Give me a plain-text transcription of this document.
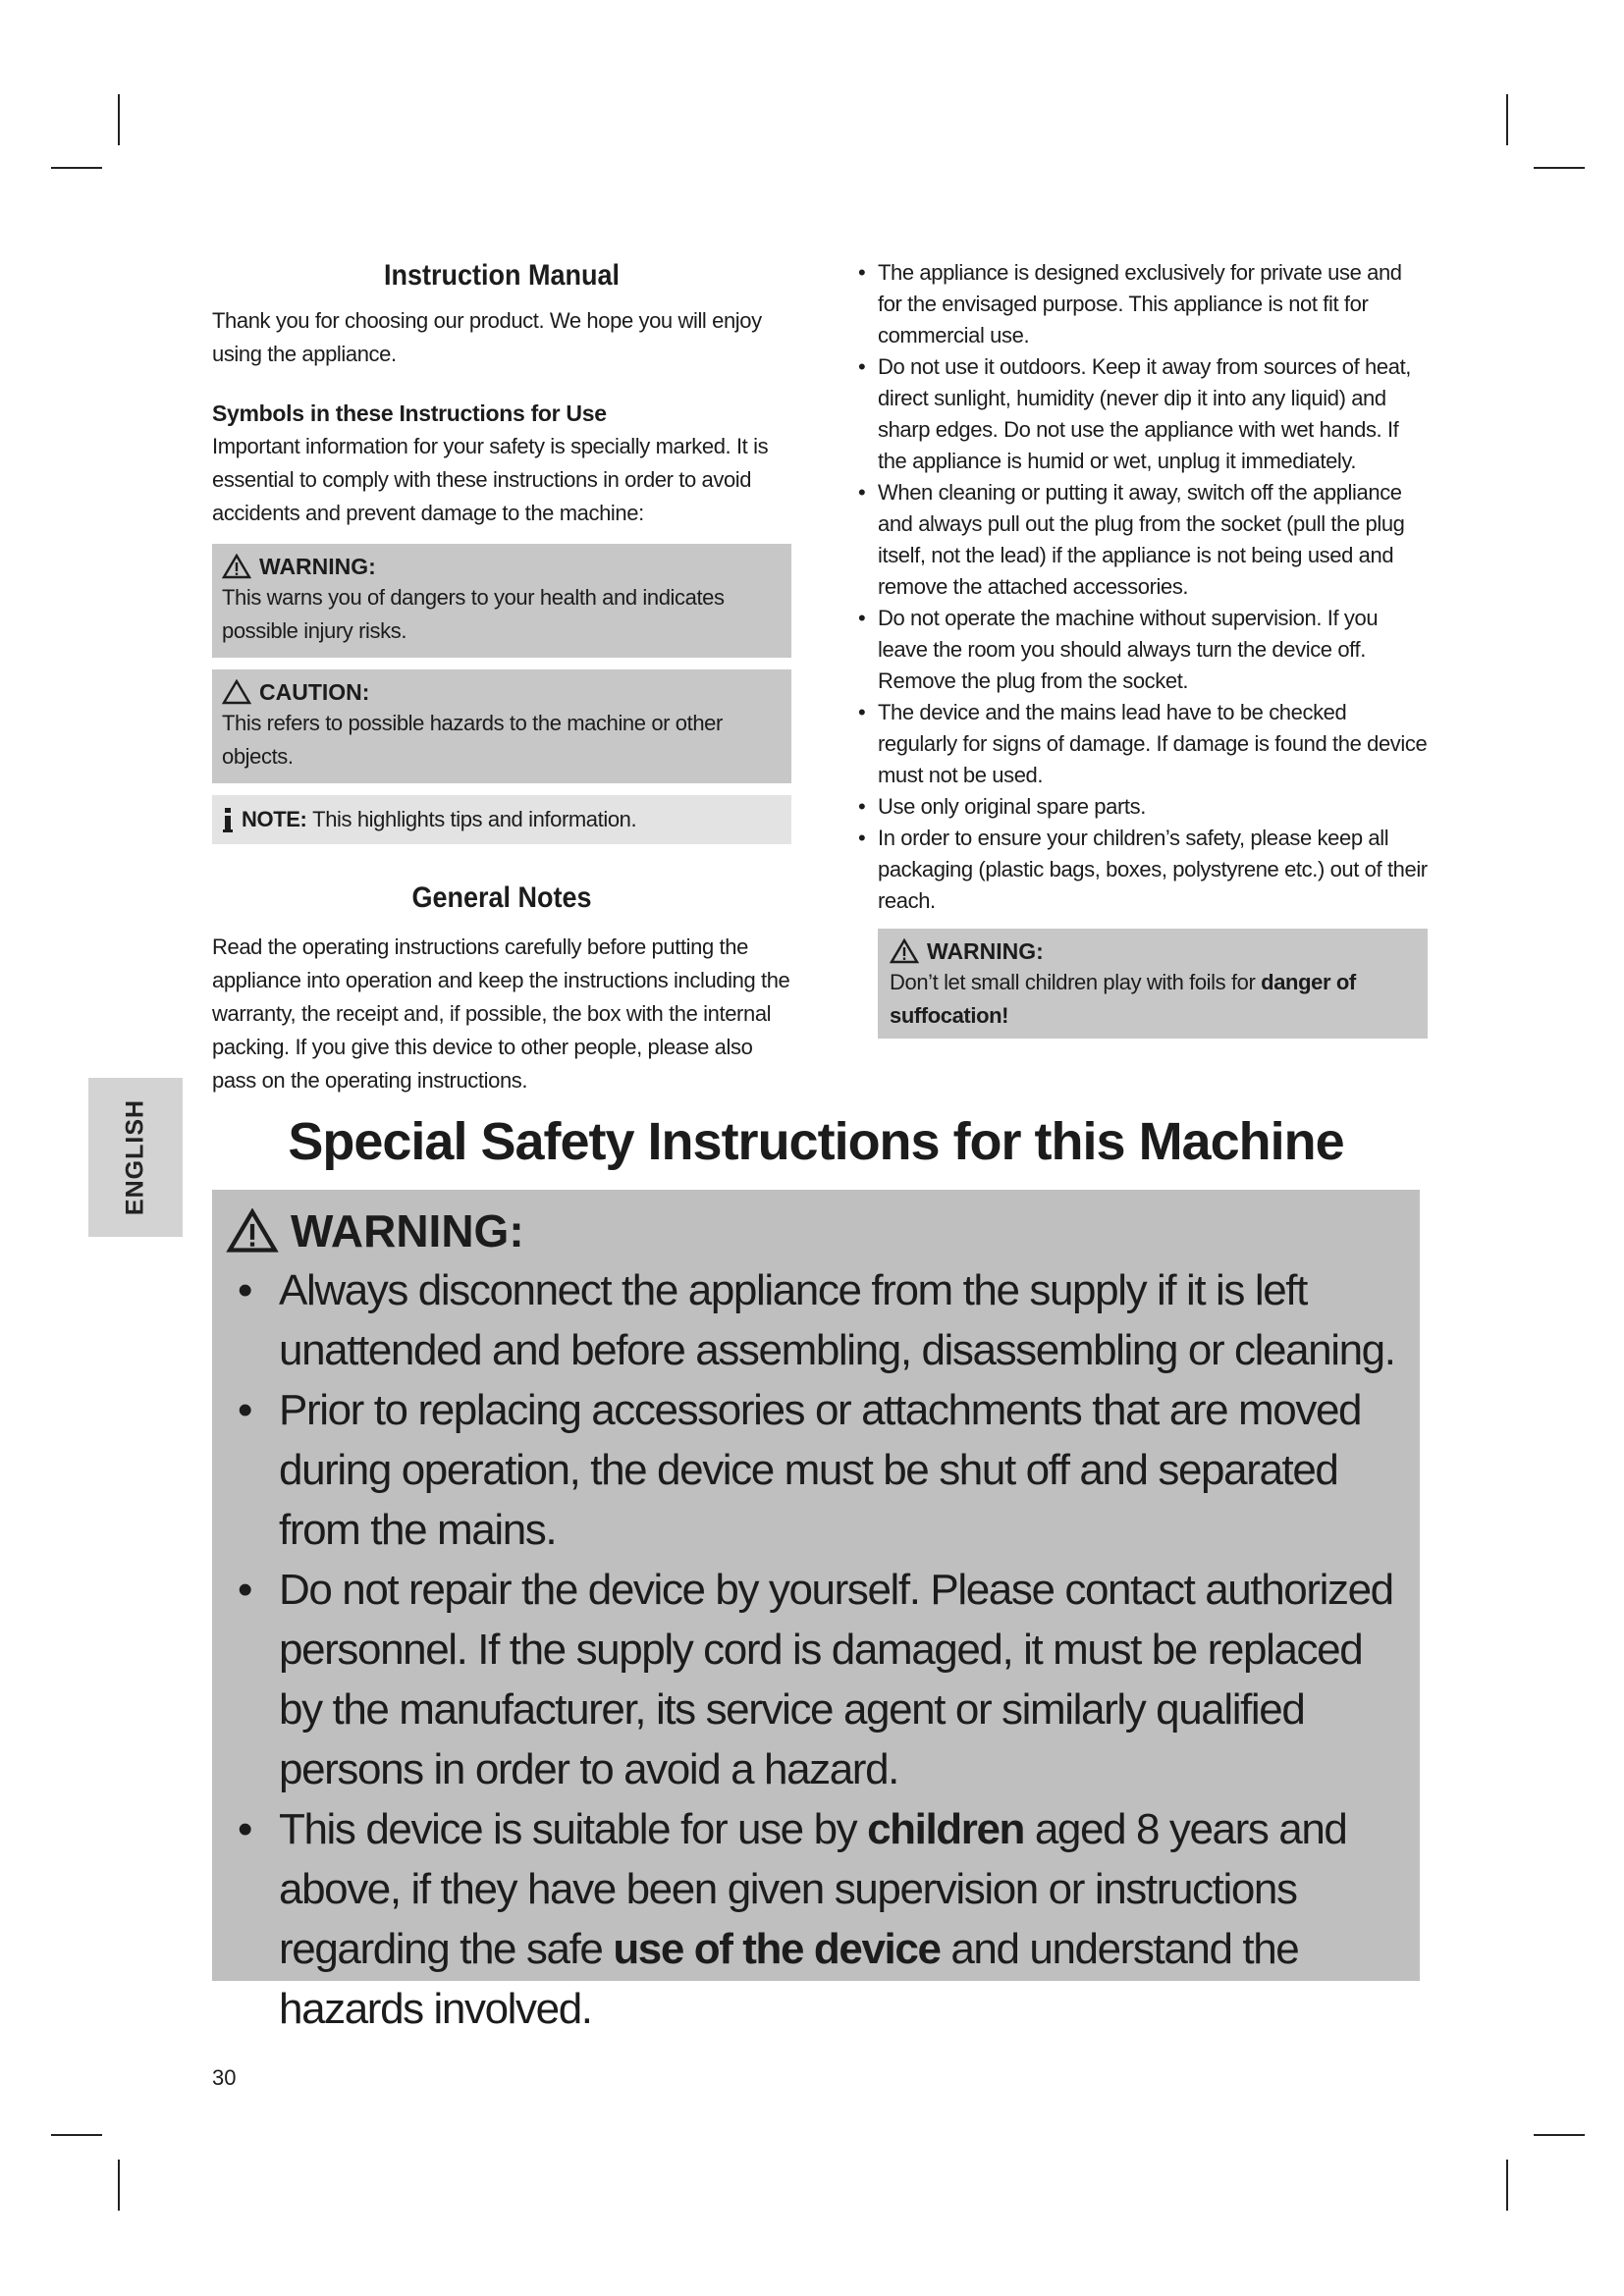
Instruction Manual
Thank you for choosing our product. We hope you will enjoy using the appliance.
Symbols in these Instructions for Use
Important information for your safety is specially marked. It is essential to comply with these instructions in order to avoid accidents and prevent damage to the machine:
WARNING:
This warns you of dangers to your health and indicates possible injury risks.
CAUTION:
This refers to possible hazards to the machine or other objects.
NOTE:
This highlights tips and information.
General Notes
Read the operating instructions carefully before putting the appliance into operation and keep the instructions including the warranty, the receipt and, if possible, the box with the internal packing. If you give this device to other people, please also pass on the operating instructions.
• The appliance is designed exclusively for private use and for the envisaged purpose. This appliance is not fit for commercial use.
• Do not use it outdoors. Keep it away from sources of heat, direct sunlight, humidity (never dip it into any liquid) and sharp edges. Do not use the appliance with wet hands. If the appliance is humid or wet, unplug it immediately.
• When cleaning or putting it away, switch off the appliance and always pull out the plug from the socket (pull the plug itself, not the lead) if the appliance is not being used and remove the attached accessories.
• Do not operate the machine without supervision. If you leave the room you should always turn the device off. Remove the plug from the socket.
• The device and the mains lead have to be checked regularly for signs of damage. If damage is found the device must not be used.
• Use only original spare parts.
• In order to ensure your children’s safety, please keep all packaging (plastic bags, boxes, polystyrene etc.) out of their reach.
WARNING:
Don’t let small children play with foils for danger of suffocation!
ENGLISH	Special Safety Instructions for this Machine
WARNING:
• Always disconnect the appliance from the supply if it is left unattended and before assembling, disassembling or cleaning.
• Prior to replacing accessories or attachments that are moved during operation, the device must be shut off and separated from the mains.
• Do not repair the device by yourself. Please contact authorized personnel. If the supply cord is damaged, it must be replaced by the manufacturer, its service agent or similarly qualified persons in order to avoid a hazard.
• This device is suitable for use by children aged 8 years and above, if they have been given supervision or instructions regarding the safe use of the device and understand the hazards involved.
30
